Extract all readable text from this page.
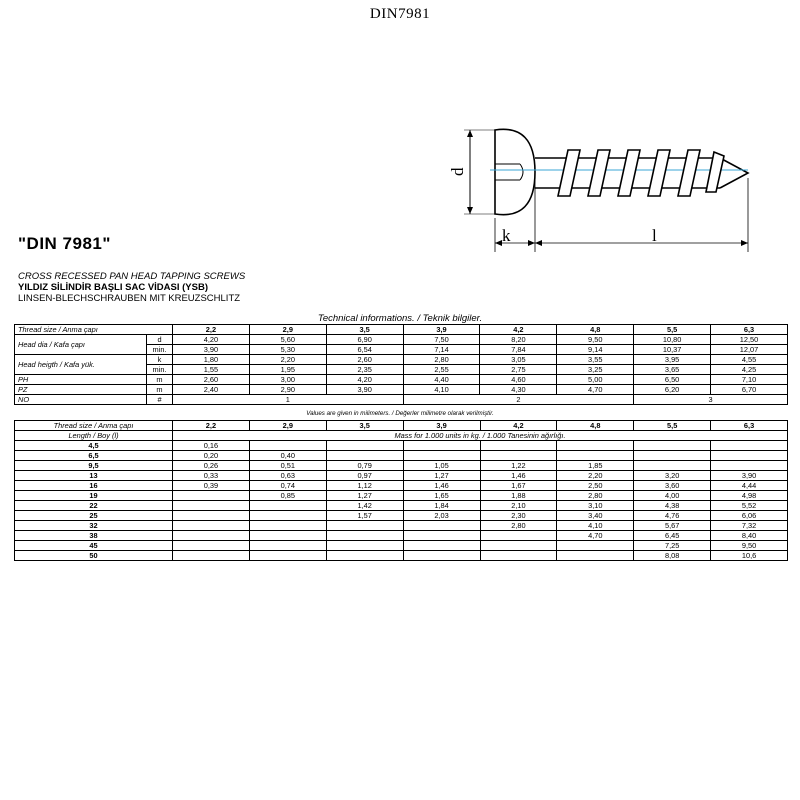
DIN7981
d
k	l
"DIN 7981"
CROSS RECESSED PAN HEAD TAPPING SCREWS
YILDIZ SİLİNDİR BAŞLI SAC VİDASI (YSB)
LINSEN-BLECHSCHRAUBEN MIT KREUZSCHLITZ
Technical informations. / Teknik bilgiler.
Thread size / Anma çapı		2,2	2,9	3,5	3,9	4,2	4,8	5,5	6,3
Head dia / Kafa çapı	d	4,20	5,60	6,90	7,50	8,20	9,50	10,80	12,50
	min.	3,90	5,30	6,54	7,14	7,84	9,14	10,37	12,07
Head heigth / Kafa yük.	k	1,80	2,20	2,60	2,80	3,05	3,55	3,95	4,55
	min.	1,55	1,95	2,35	2,55	2,75	3,25	3,65	4,25
PH	m	2,60	3,00	4,20	4,40	4,60	5,00	6,50	7,10
PZ	m	2,40	2,90	3,90	4,10	4,30	4,70	6,20	6,70
NO	#	1			2			3	
Values are given in milimeters. / Değerler milimetre olarak verilmiştir.
Thread size / Anma çapı	2,2	2,9	3,5	3,9	4,2	4,8	5,5	6,3
Length / Boy (l)	Mass for 1.000 units in kg. / 1.000 Tanesinin ağırlığı.							
4,5	0,16							
6,5	0,20	0,40						
9,5	0,26	0,51	0,79	1,05	1,22	1,85		
13	0,33	0,63	0,97	1,27	1,46	2,20	3,20	3,90
16	0,39	0,74	1,12	1,46	1,67	2,50	3,60	4,44
19		0,85	1,27	1,65	1,88	2,80	4,00	4,98
22			1,42	1,84	2,10	3,10	4,38	5,52
25			1,57	2,03	2,30	3,40	4,76	6,06
32					2,80	4,10	5,67	7,32
38						4,70	6,45	8,40
45							7,25	9,50
50							8,08	10,6
